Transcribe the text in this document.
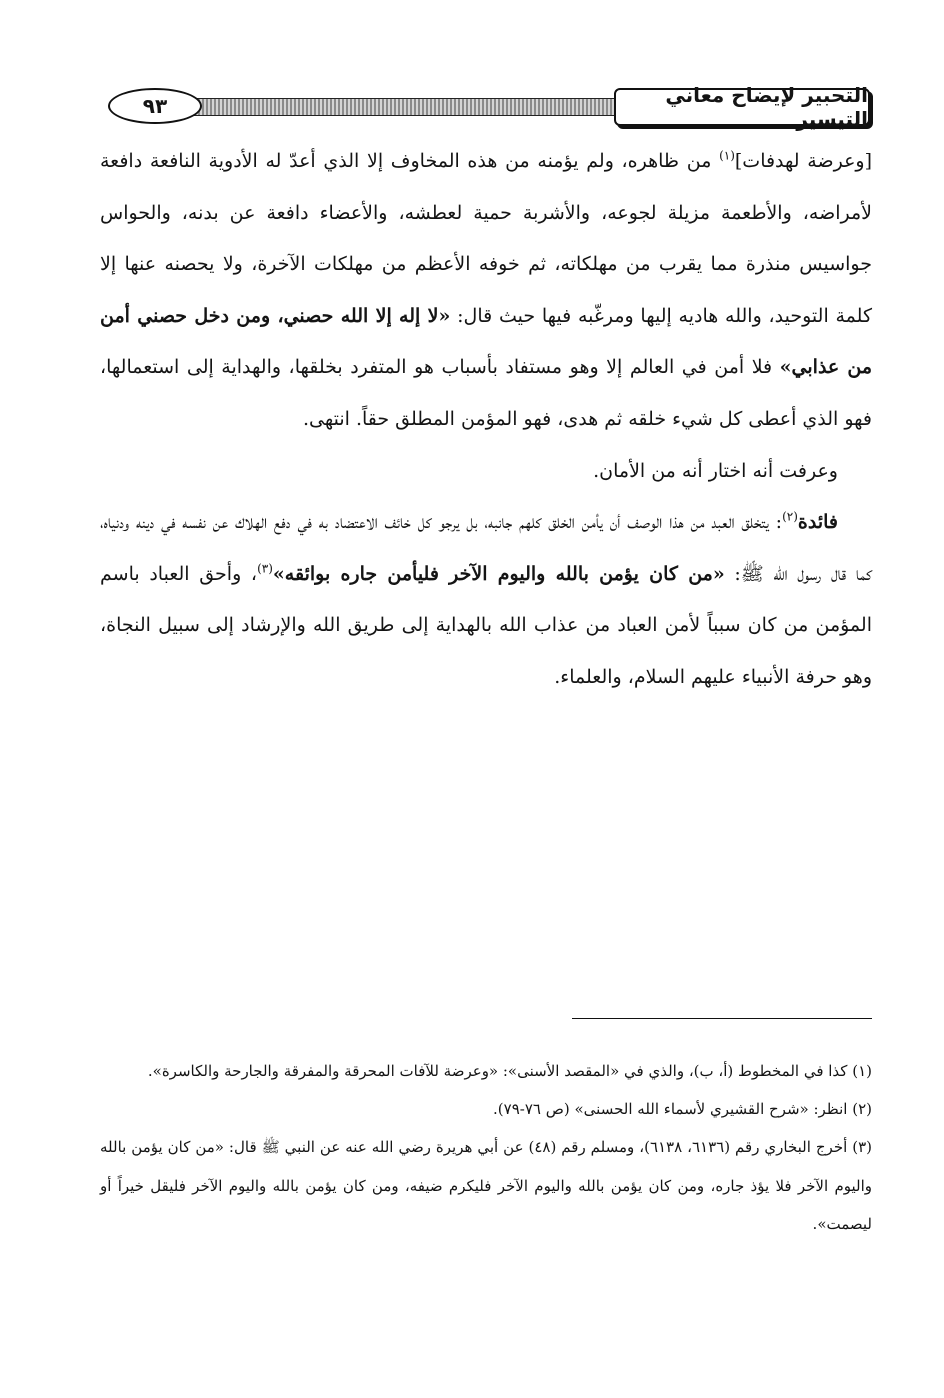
التحبير لإيضاح معاني التيسير
٩٣

[وعرضة لهدفات]$^{(١)}$ من ظاهره، ولم يؤمنه من هذه المخاوف إلا الذي أعدّ له الأدوية النافعة دافعة لأمراضه، والأطعمة مزيلة لجوعه، والأشربة حمية لعطشه، والأعضاء دافعة عن بدنه، والحواس جواسيس منذرة مما يقرب من مهلكاته، ثم خوفه الأعظم من مهلكات الآخرة، ولا يحصنه عنها إلا كلمة التوحيد، والله هاديه إليها ومرغّبه فيها حيث قال: «لا إله إلا الله حصني، ومن دخل حصني أمن من عذابي» فلا أمن في العالم إلا وهو مستفاد بأسباب هو المتفرد بخلقها، والهداية إلى استعمالها، فهو الذي أعطى كل شيء خلقه ثم هدى، فهو المؤمن المطلق حقاً. انتهى.

وعرفت أنه اختار أنه من الأمان.

فائدة$^{(٢)}$: يتخلق العبد من هذا الوصف أن يأمن الخلق كلهم جانبه، بل يرجو كل خائف الاعتضاد به في دفع الهلاك عن نفسه في دينه ودنياه، كما قال رسول الله ﷺ: «من كان يؤمن بالله واليوم الآخر فليأمن جاره بوائقه»$^{(٣)}$، وأحق العباد باسم المؤمن من كان سبباً لأمن العباد من عذاب الله بالهداية إلى طريق الله والإرشاد إلى سبيل النجاة، وهو حرفة الأنبياء عليهم السلام، والعلماء.

(١) كذا في المخطوط (أ، ب)، والذي في «المقصد الأسنى»: «وعرضة للآفات المحرقة والمفرقة والجارحة والكاسرة».

(٢) انظر: «شرح القشيري لأسماء الله الحسنى» (ص ٧٦-٧٩).

(٣) أخرج البخاري رقم (٦١٣٦، ٦١٣٨)، ومسلم رقم (٤٨) عن أبي هريرة رضي الله عنه عن النبي ﷺ قال: «من كان يؤمن بالله واليوم الآخر فلا يؤذ جاره، ومن كان يؤمن بالله واليوم الآخر فليكرم ضيفه، ومن كان يؤمن بالله واليوم الآخر فليقل خيراً أو ليصمت».
